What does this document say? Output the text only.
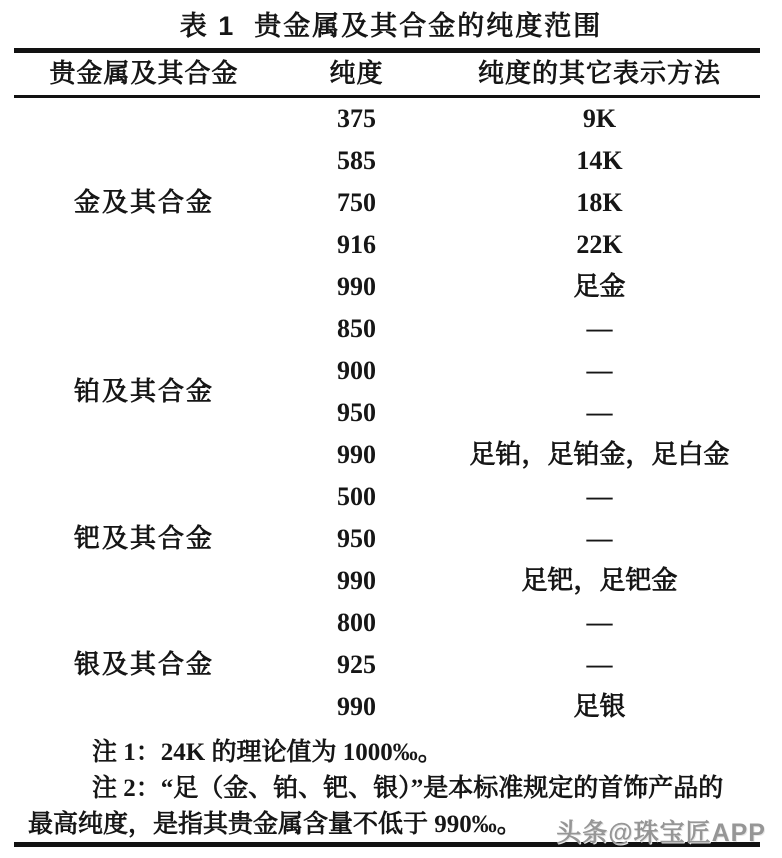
表 1  贵金属及其合金的纯度范围
贵金属及其合金	纯度	纯度的其它表示方法
金及其合金	375	9K
	585	14K
	750	18K
	916	22K
	990	足金
铂及其合金	850	—
	900	—
	950	—
	990	足铂，足铂金，足白金
钯及其合金	500	—
	950	—
	990	足钯，足钯金
银及其合金	800	—
	925	—
	990	足银

注 1：24K 的理论值为 1000‰。

注 2：“足（金、铂、钯、银）”是本标准规定的首饰产品的

最高纯度，是指其贵金属含量不低于 990‰。	头条@珠宝匠APP
